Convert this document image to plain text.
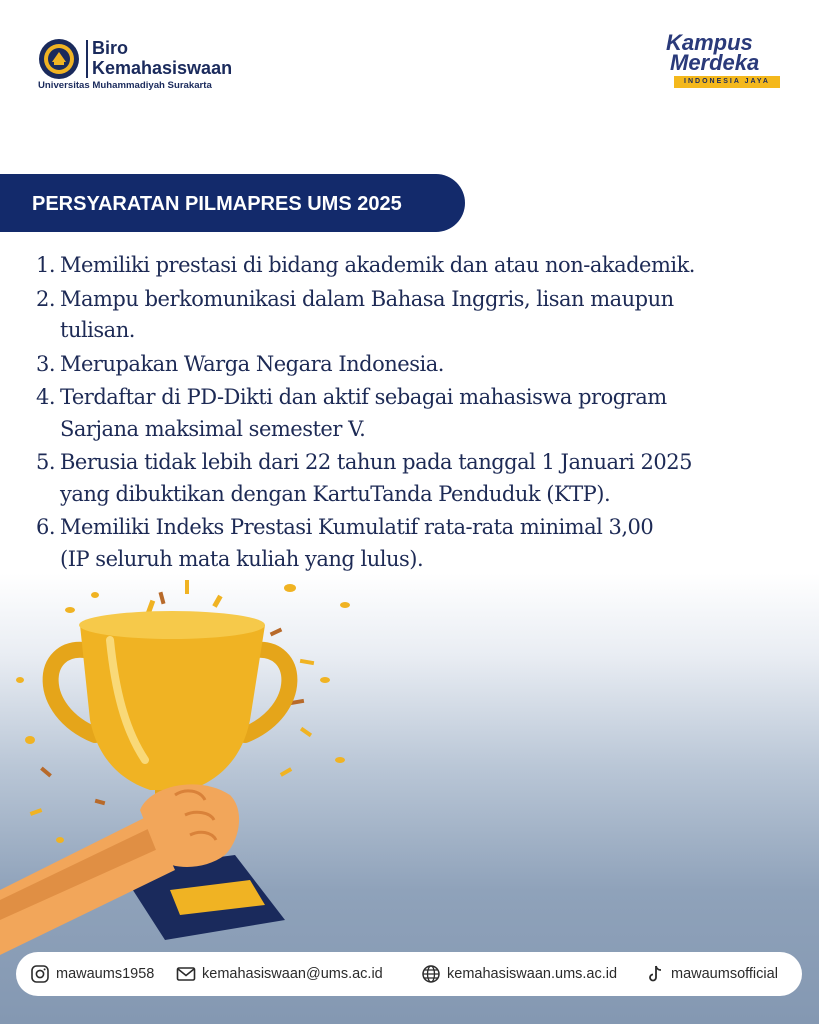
Biro
Kemahasiswaan
Universitas Muhammadiyah Surakarta
Kampus
Merdeka
INDONESIA JAYA
PERSYARATAN PILMAPRES UMS 2025
1. Memiliki prestasi di bidang akademik dan atau non-akademik.
2. Mampu berkomunikasi dalam Bahasa Inggris, lisan maupun
tulisan.
3. Merupakan Warga Negara Indonesia.
4. Terdaftar di PD-Dikti dan aktif sebagai mahasiswa program
Sarjana maksimal semester V.
5. Berusia tidak lebih dari 22 tahun pada tanggal 1 Januari 2025
yang dibuktikan dengan KartuTanda Penduduk (KTP).
6. Memiliki Indeks Prestasi Kumulatif rata-rata minimal 3,00
(IP seluruh mata kuliah yang lulus).
mawaums1958	kemahasiswaan@ums.ac.id	kemahasiswaan.ums.ac.id	mawaumsofficial
